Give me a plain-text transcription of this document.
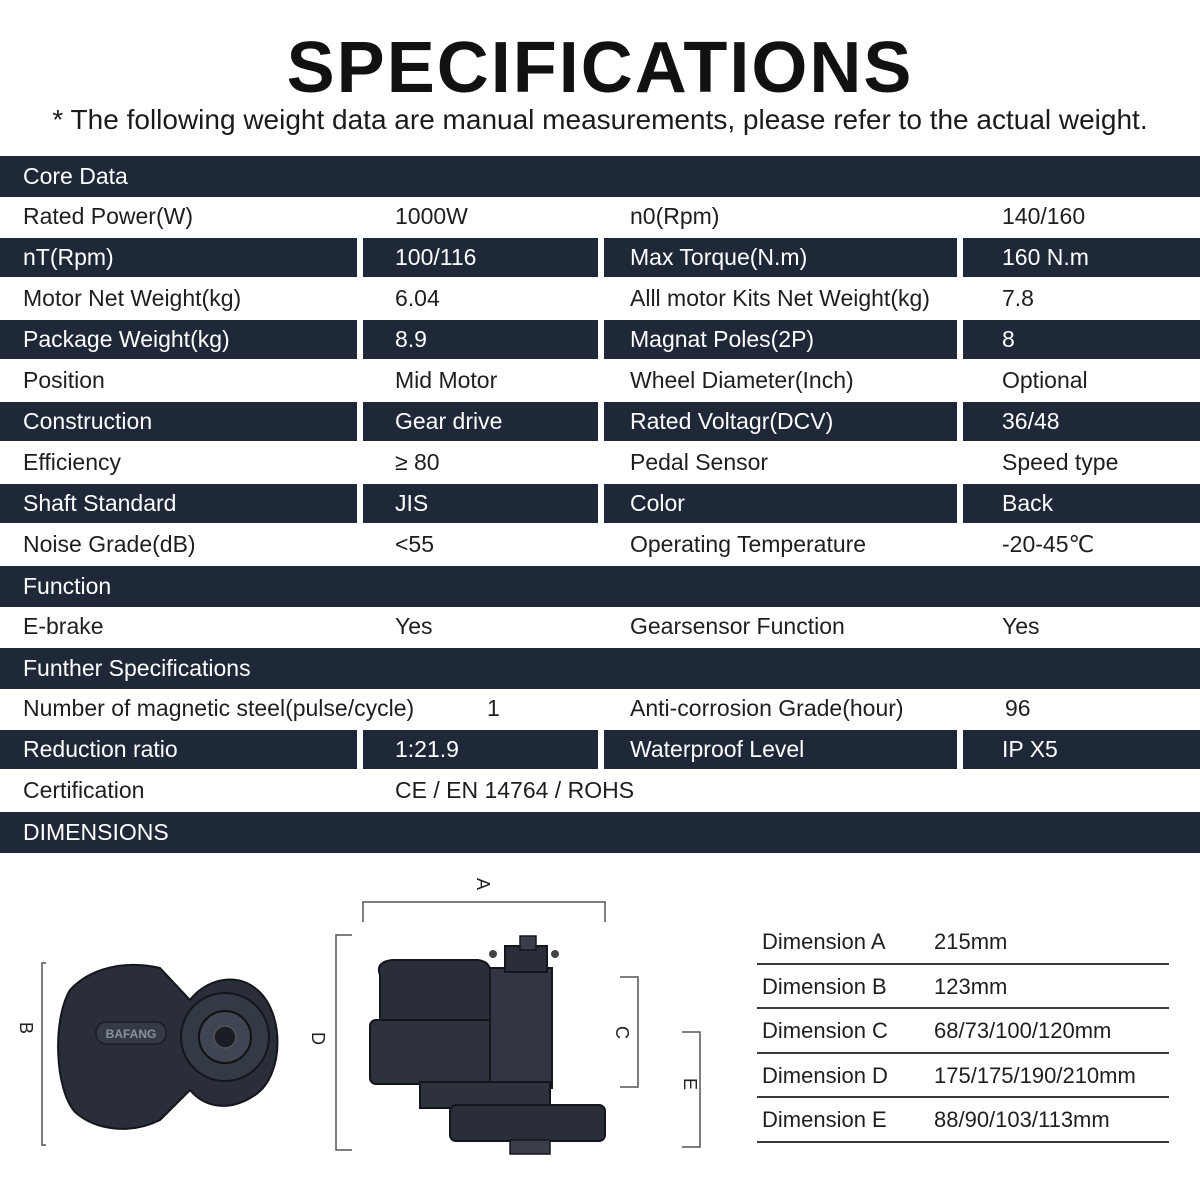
SPECIFICATIONS
* The following weight data are manual measurements, please refer to the actual weight.
Core Data
Rated Power(W)	1000W	n0(Rpm)	140/160
nT(Rpm)	100/116	Max Torque(N.m)	160 N.m
Motor Net Weight(kg)	6.04	Alll motor Kits Net Weight(kg)	7.8
Package Weight(kg)	8.9	Magnat Poles(2P)	8
Position	Mid Motor	Wheel Diameter(Inch)	Optional
Construction	Gear drive	Rated Voltagr(DCV)	36/48
Efficiency	≥ 80	Pedal Sensor	Speed type
Shaft Standard	JIS	Color	Back
Noise Grade(dB)	<55	Operating Temperature	-20-45℃
Function
E-brake	Yes	Gearsensor Function	Yes
Funther Specifications
Number of magnetic steel(pulse/cycle)	1	Anti-corrosion Grade(hour)	96
Reduction ratio	1:21.9	Waterproof Level	IP X5
Certification	CE / EN 14764 / ROHS
DIMENSIONS
B	BAFANG
A
D	C
E
Dimension A 215mm
Dimension B 123mm
Dimension C 68/73/100/120mm
Dimension D 175/175/190/210mm
Dimension E 88/90/103/113mm
